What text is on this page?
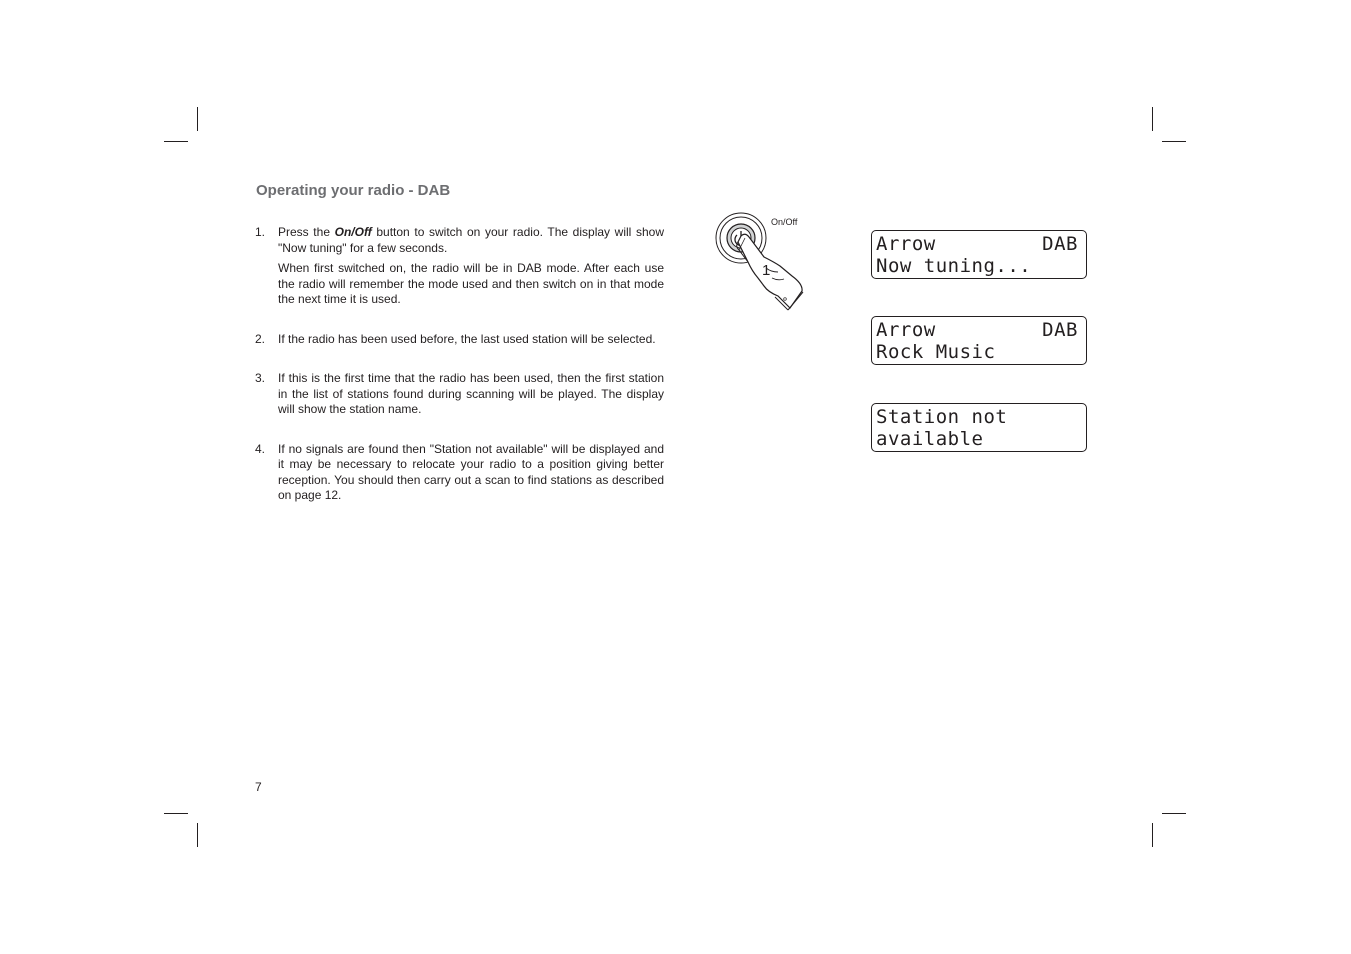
Operating your radio - DAB
1.	Press the On/Off button to switch on your radio. The display will show "Now tuning" for a few seconds.

When first switched on, the radio will be in DAB mode. After each use the radio will remember the mode used and then switch on in that mode the next time it is used.

2.	If the radio has been used before, the last used station will be selected.

3.	If this is the first time that the radio has been used, then the first station in the list of stations found during scanning will be played. The display will show the station name.

4.	If no signals are found then "Station not available" will be displayed and it may be necessary to relocate your radio to a position giving better reception. You should then carry out a scan to find stations as described on page 12.

On/Off
1
Arrow	DAB
Now tuning...
Arrow	DAB
Rock Music
Station not
available
7
